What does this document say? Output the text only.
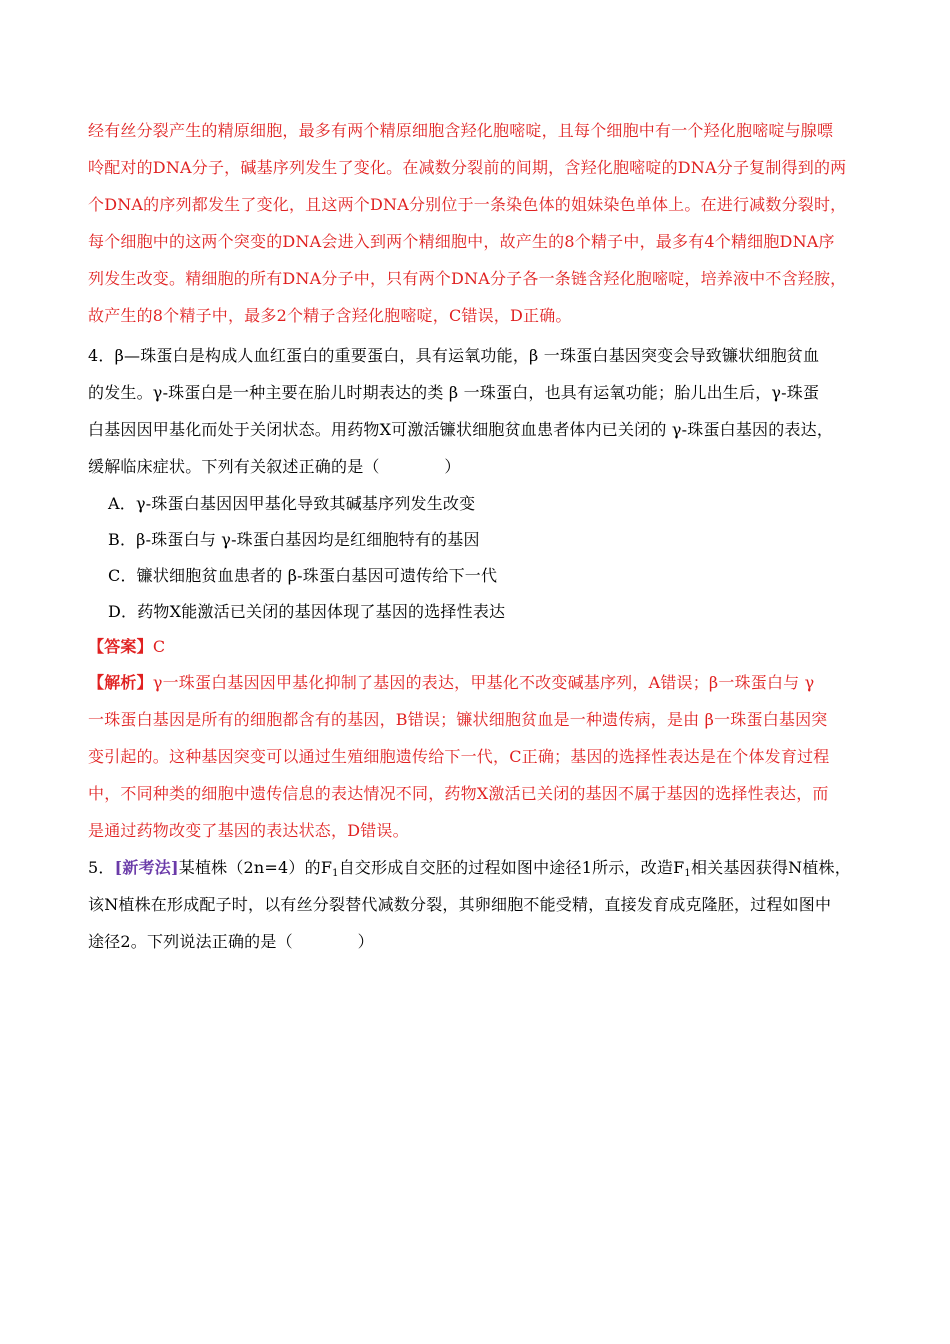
经有丝分裂产生的精原细胞，最多有两个精原细胞含羟化胞嘧啶，且每个细胞中有一个羟化胞嘧啶与腺嘌
呤配对的DNA分子，碱基序列发生了变化。在减数分裂前的间期，含羟化胞嘧啶的DNA分子复制得到的两
个DNA的序列都发生了变化，且这两个DNA分别位于一条染色体的姐妹染色单体上。在进行减数分裂时，
每个细胞中的这两个突变的DNA会进入到两个精细胞中，故产生的8个精子中，最多有4个精细胞DNA序
列发生改变。精细胞的所有DNA分子中，只有两个DNA分子各一条链含羟化胞嘧啶，培养液中不含羟胺，
故产生的8个精子中，最多2个精子含羟化胞嘧啶，C错误，D正确。
4．β—珠蛋白是构成人血红蛋白的重要蛋白，具有运氧功能，β 一珠蛋白基因突变会导致镰状细胞贫血
的发生。γ-珠蛋白是一种主要在胎儿时期表达的类 β 一珠蛋白，也具有运氧功能；胎儿出生后，γ-珠蛋
白基因因甲基化而处于关闭状态。用药物X可激活镰状细胞贫血患者体内已关闭的 γ-珠蛋白基因的表达，
缓解临床症状。下列有关叙述正确的是（　　　　）
A．γ-珠蛋白基因因甲基化导致其碱基序列发生改变
B．β-珠蛋白与 γ-珠蛋白基因均是红细胞特有的基因
C．镰状细胞贫血患者的 β-珠蛋白基因可遗传给下一代
D．药物X能激活已关闭的基因体现了基因的选择性表达
【答案】C
【解析】γ一珠蛋白基因因甲基化抑制了基因的表达，甲基化不改变碱基序列，A错误；β一珠蛋白与 γ
一珠蛋白基因是所有的细胞都含有的基因，B错误；镰状细胞贫血是一种遗传病，是由 β一珠蛋白基因突
变引起的。这种基因突变可以通过生殖细胞遗传给下一代，C正确；基因的选择性表达是在个体发育过程
中，不同种类的细胞中遗传信息的表达情况不同，药物X激活已关闭的基因不属于基因的选择性表达，而
是通过药物改变了基因的表达状态，D错误。
5．[新考法]某植株（2n=4）的$F_1$自交形成自交胚的过程如图中途径1所示，改造$F_1$相关基因获得N植株，
该N植株在形成配子时，以有丝分裂替代减数分裂，其卵细胞不能受精，直接发育成克隆胚，过程如图中
途径2。下列说法正确的是（　　　　）
